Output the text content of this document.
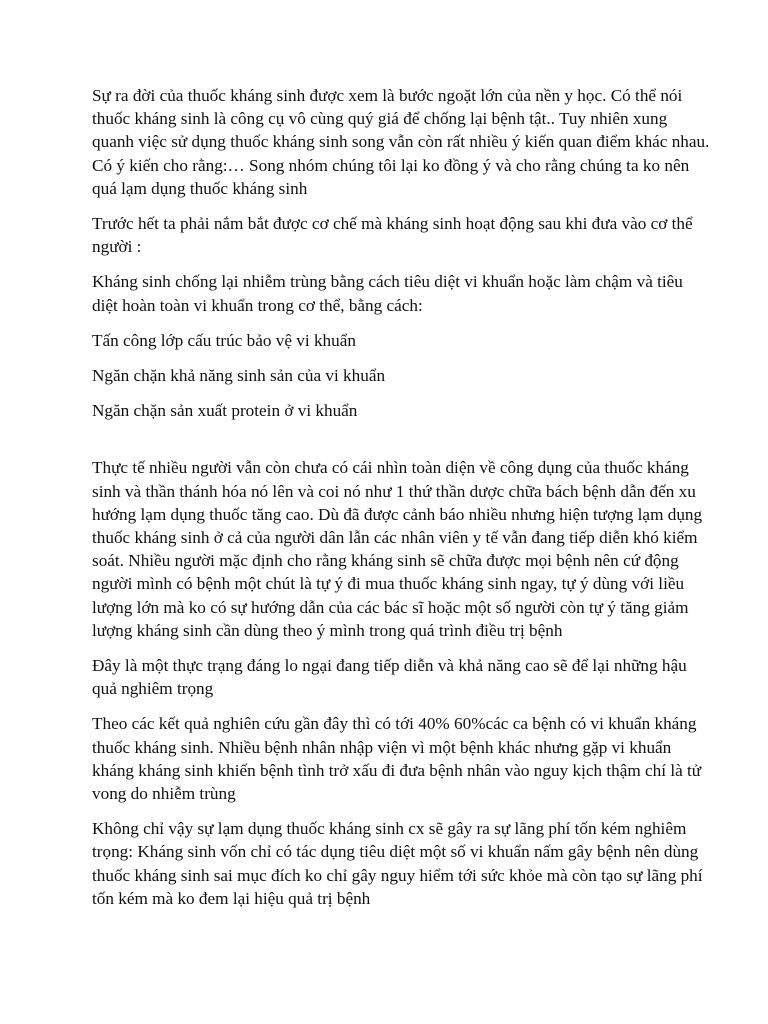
Sự ra đời của thuốc kháng sinh được xem là bước ngoặt lớn của nền y học. Có thể nói thuốc kháng sinh là công cụ vô cùng quý giá để chống lại bệnh tật.. Tuy nhiên xung quanh việc sử dụng thuốc kháng sinh song vẫn còn rất nhiều ý kiến quan điểm khác nhau. Có ý kiến cho rằng:… Song nhóm chúng tôi lại ko đồng ý và cho rằng chúng ta ko nên quá lạm dụng thuốc kháng sinh

Trước hết ta phải nắm bắt được cơ chế mà kháng sinh hoạt động sau khi đưa vào cơ thể người :

Kháng sinh chống lại nhiễm trùng bằng cách tiêu diệt vi khuẩn hoặc làm chậm và tiêu diệt hoàn toàn vi khuẩn trong cơ thể, bằng cách:

Tấn công lớp cấu trúc bảo vệ vi khuẩn

Ngăn chặn khả năng sinh sản của vi khuẩn

Ngăn chặn sản xuất protein ở vi khuẩn

Thực tế nhiều người vẫn còn chưa có cái nhìn toàn diện về công dụng của thuốc kháng sinh và thần thánh hóa nó lên và coi nó như 1 thứ thần dược chữa bách bệnh dẫn đến xu hướng lạm dụng thuốc tăng cao. Dù đã được cảnh báo nhiều nhưng hiện tượng lạm dụng thuốc kháng sinh ở cả của người dân lẫn các nhân viên y tế vẫn đang tiếp diễn khó kiểm soát. Nhiều người mặc định cho rằng kháng sinh sẽ chữa được mọi bệnh nên cứ động người mình có bệnh một chút là tự ý đi mua thuốc kháng sinh ngay, tự ý dùng với liều lượng lớn mà ko có sự hướng dẫn của các bác sĩ hoặc một số người còn tự ý tăng giảm lượng kháng sinh cần dùng theo ý mình trong quá trình điều trị bệnh

Đây là một thực trạng đáng lo ngại đang tiếp diễn và khả năng cao sẽ để lại những hậu quả nghiêm trọng

Theo các kết quả nghiên cứu gần đây thì có tới 40% 60%các ca bệnh có vi khuẩn kháng thuốc kháng sinh. Nhiều bệnh nhân nhập viện vì một bệnh khác nhưng gặp vi khuẩn kháng kháng sinh khiến bệnh tình trở xấu đi đưa bệnh nhân vào nguy kịch thậm chí là tử vong do nhiễm trùng

Không chỉ vậy sự lạm dụng thuốc kháng sinh cx sẽ gây ra sự lãng phí tốn kém nghiêm trọng: Kháng sinh vốn chỉ có tác dụng tiêu diệt một số vi khuẩn nấm gây bệnh nên dùng thuốc kháng sinh sai mục đích ko chỉ gây nguy hiểm tới sức khỏe mà còn tạo sự lãng phí tốn kém mà ko đem lại hiệu quả trị bệnh
